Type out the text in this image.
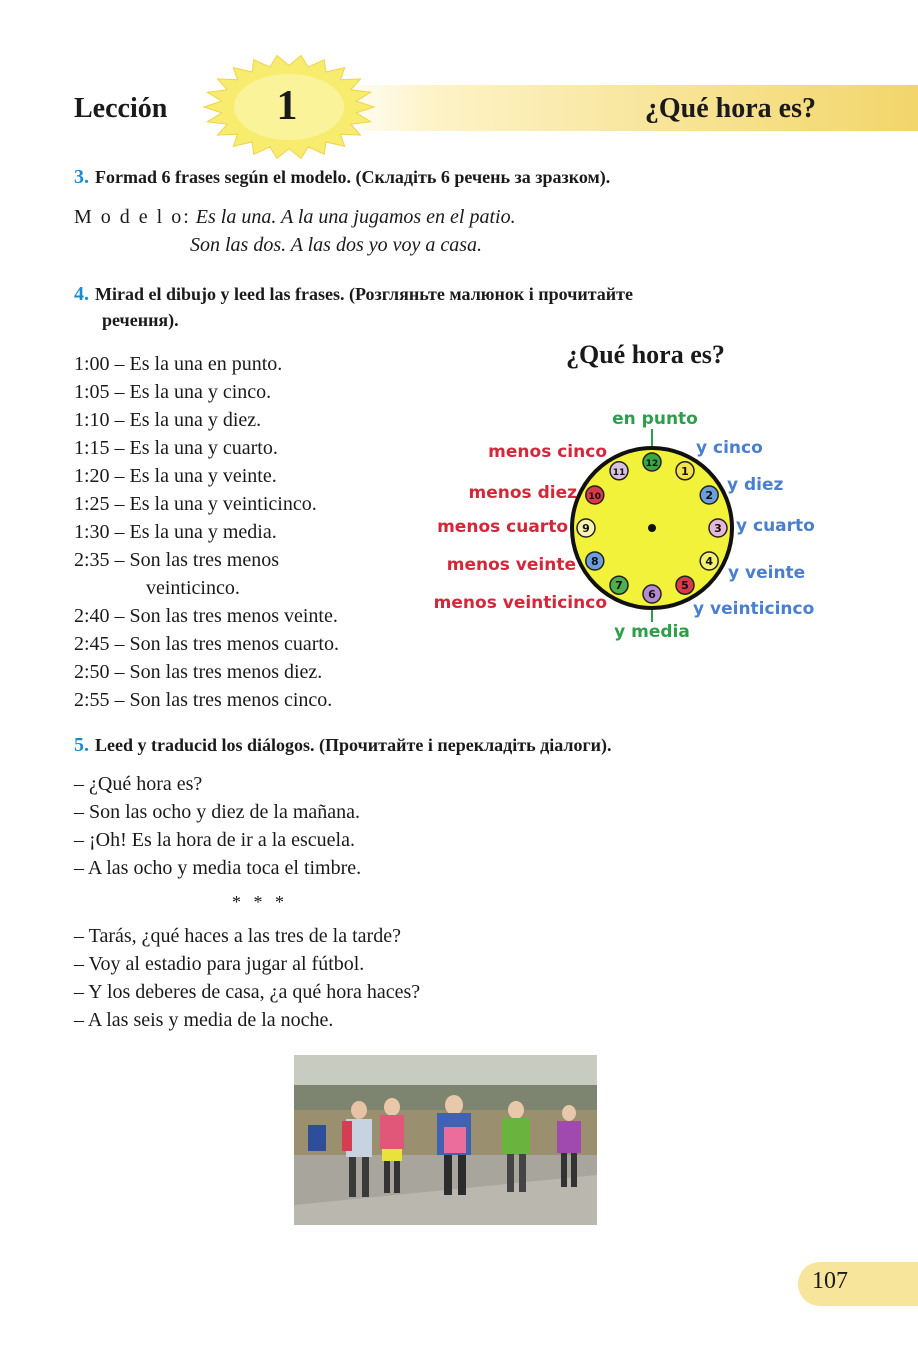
Lección	1	¿Qué hora es?
3. Formad 6 frases según el modelo. (Складіть 6 речень за зразком).
M o d e l o: Es la una. A la una jugamos en el patio.
Son las dos. A las dos yo voy a casa.
4. Mirad el dibujo y leed las frases. (Розгляньте малюнок і прочитайте
речення).
1:00 – Es la una en punto.
1:05 – Es la una y cinco.
1:10 – Es la una y diez.
1:15 – Es la una y cuarto.
1:20 – Es la una y veinte.
1:25 – Es la una y veinticinco.
1:30 – Es la una y media.
2:35 – Son las tres menos
veinticinco.
2:40 – Son las tres menos veinte.
2:45 – Son las tres menos cuarto.
2:50 – Son las tres menos diez.
2:55 – Son las tres menos cinco.
¿Qué hora es?
12
1
2
3
4
5
6
7
8
9
10
11
en punto
y media
y cinco
y diez
y cuarto
y veinte
y veinticinco
menos cinco
menos diez
menos cuarto
menos veinte
menos veinticinco
5. Leed y traducid los diálogos. (Прочитайте і перекладіть діалоги).
– ¿Qué hora es?
– Son las ocho y diez de la mañana.
– ¡Oh! Es la hora de ir a la escuela.
– A las ocho y media toca el timbre.
* * *
– Tarás, ¿qué haces a las tres de la tarde?
– Voy al estadio para jugar al fútbol.
– Y los deberes de casa, ¿a qué hora haces?
– A las seis y media de la noche.
107
